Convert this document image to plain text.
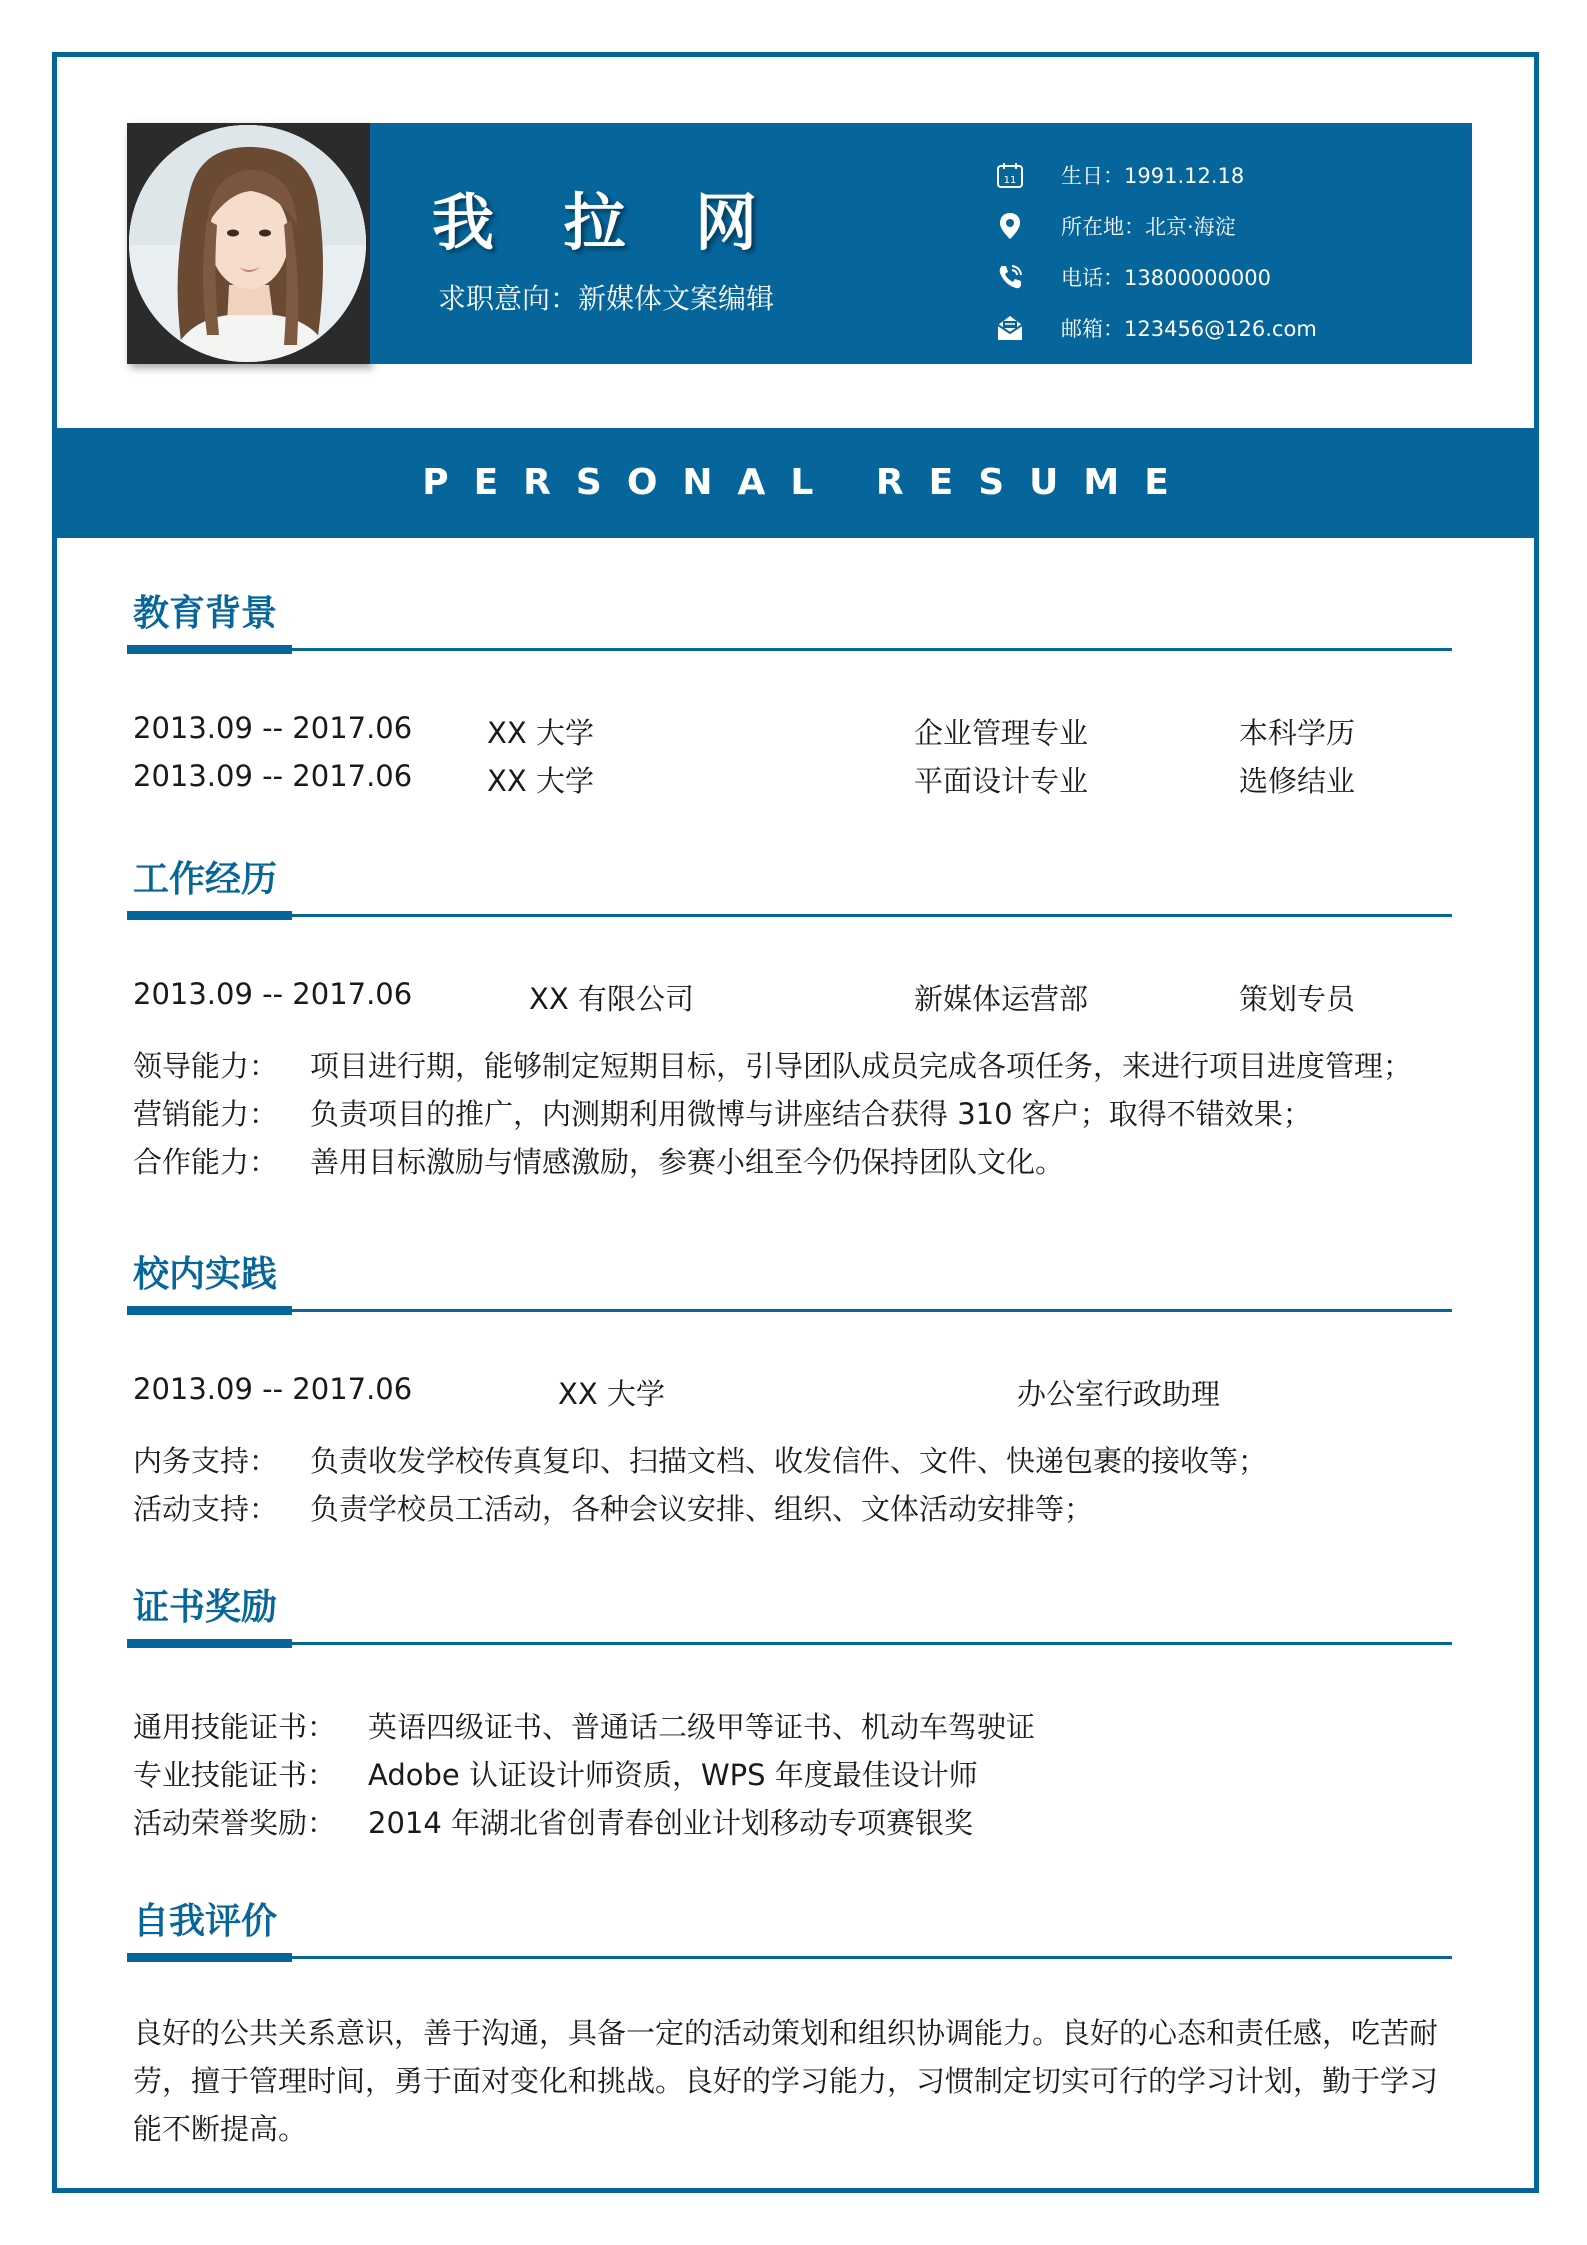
我 拉 网
求职意向：新媒体文案编辑
11 生日：1991.12.18
所在地：北京·海淀
电话：13800000000
邮箱：123456@126.com
PERSONAL RESUME
教育背景
2013.09 -- 2017.06	XX 大学	企业管理专业	本科学历
2013.09 -- 2017.06	XX 大学	平面设计专业	选修结业
工作经历
2013.09 -- 2017.06	XX 有限公司	新媒体运营部	策划专员
领导能力： 项目进行期，能够制定短期目标，引导团队成员完成各项任务，来进行项目进度管理；
营销能力： 负责项目的推广，内测期利用微博与讲座结合获得 310 客户；取得不错效果；
合作能力： 善用目标激励与情感激励，参赛小组至今仍保持团队文化。
校内实践
2013.09 -- 2017.06	XX 大学	办公室行政助理
内务支持： 负责收发学校传真复印、扫描文档、收发信件、文件、快递包裹的接收等；
活动支持： 负责学校员工活动，各种会议安排、组织、文体活动安排等；
证书奖励
通用技能证书： 英语四级证书、普通话二级甲等证书、机动车驾驶证
专业技能证书： Adobe 认证设计师资质，WPS 年度最佳设计师
活动荣誉奖励： 2014 年湖北省创青春创业计划移动专项赛银奖
自我评价
良好的公共关系意识，善于沟通，具备一定的活动策划和组织协调能力。良好的心态和责任感，吃苦耐劳，擅于管理时间，勇于面对变化和挑战。良好的学习能力，习惯制定切实可行的学习计划，勤于学习能不断提高。
